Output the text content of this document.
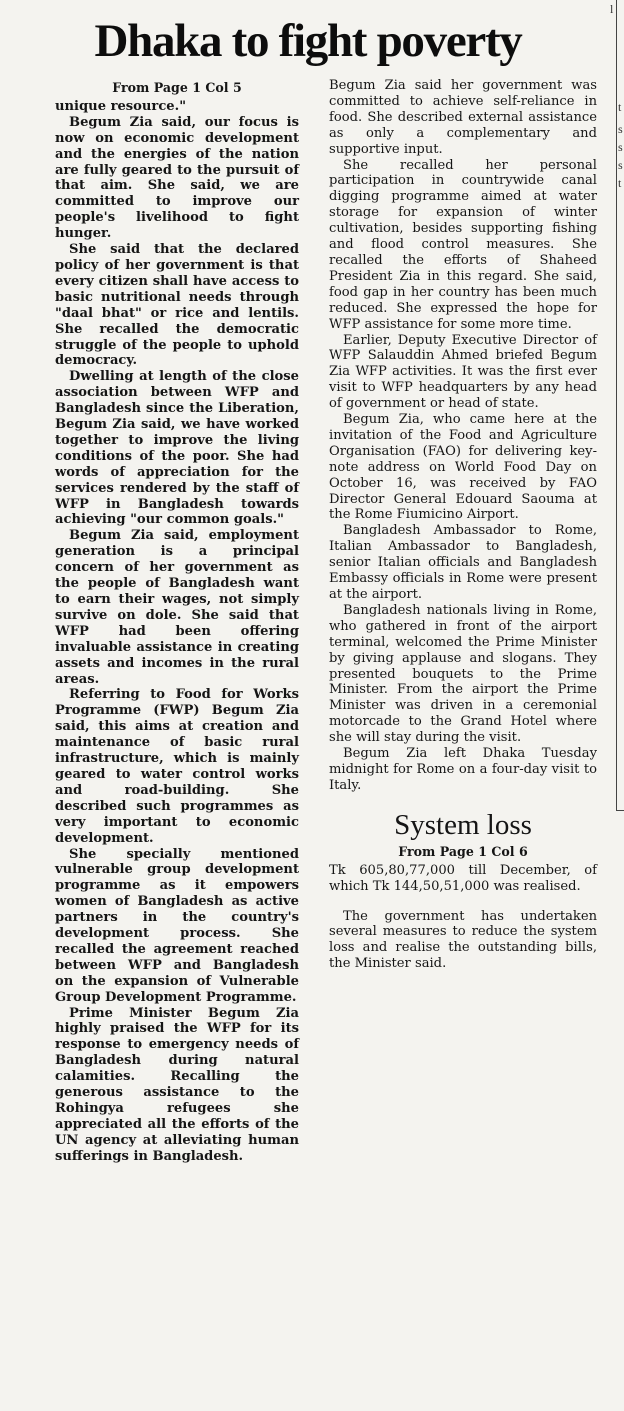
Dhaka to fight poverty
From Page 1 Col 5

unique resource."

Begum Zia said, our focus is now on economic development and the energies of the nation are fully geared to the pursuit of that aim. She said, we are committed to improve our people's livelihood to fight hunger.

She said that the declared policy of her government is that every citizen shall have access to basic nutritional needs through "daal bhat" or rice and lentils. She recalled the democratic struggle of the people to uphold democracy.

Dwelling at length of the close association between WFP and Bangladesh since the Liberation, Begum Zia said, we have worked together to improve the living conditions of the poor. She had words of appreciation for the services rendered by the staff of WFP in Bangladesh towards achieving "our common goals."

Begum Zia said, employment generation is a principal concern of her government as the people of Bangladesh want to earn their wages, not simply survive on dole. She said that WFP had been offering invaluable assistance in creating assets and incomes in the rural areas.

Referring to Food for Works Programme (FWP) Begum Zia said, this aims at creation and maintenance of basic rural infrastructure, which is mainly geared to water control works and road-building. She described such programmes as very important to economic development.

She specially mentioned vulnerable group development programme as it empowers women of Bangladesh as active partners in the country's development process. She recalled the agreement reached between WFP and Bangladesh on the expansion of Vulnerable Group Development Programme.

Prime Minister Begum Zia highly praised the WFP for its response to emergency needs of Bangladesh during natural calamities. Recalling the generous assistance to the Rohingya refugees she appreciated all the efforts of the UN agency at alleviating human sufferings in Bangladesh.

Begum Zia said her government was committed to achieve self-reliance in food. She described external assistance as only a complementary and supportive input.

She recalled her personal participation in countrywide canal digging programme aimed at water storage for expansion of winter cultivation, besides supporting fishing and flood control measures. She recalled the efforts of Shaheed President Zia in this regard. She said, food gap in her country has been much reduced. She expressed the hope for WFP assistance for some more time.

Earlier, Deputy Executive Director of WFP Salauddin Ahmed briefed Begum Zia WFP activities. It was the first ever visit to WFP headquarters by any head of government or head of state.

Begum Zia, who came here at the invitation of the Food and Agriculture Organisation (FAO) for delivering key-note address on World Food Day on October 16, was received by FAO Director General Edouard Saouma at the Rome Fiumicino Airport.

Bangladesh Ambassador to Rome, Italian Ambassador to Bangladesh, senior Italian officials and Bangladesh Embassy officials in Rome were present at the airport.

Bangladesh nationals living in Rome, who gathered in front of the airport terminal, welcomed the Prime Minister by giving applause and slogans. They presented bouquets to the Prime Minister. From the airport the Prime Minister was driven in a ceremonial motorcade to the Grand Hotel where she will stay during the visit.

Begum Zia left Dhaka Tuesday midnight for Rome on a four-day visit to Italy.

System loss
From Page 1 Col 6

Tk 605,80,77,000 till December, of which Tk 144,50,51,000 was realised.

The government has undertaken several measures to reduce the system loss and realise the outstanding bills, the Minister said.

l
t
s
s
s
t
